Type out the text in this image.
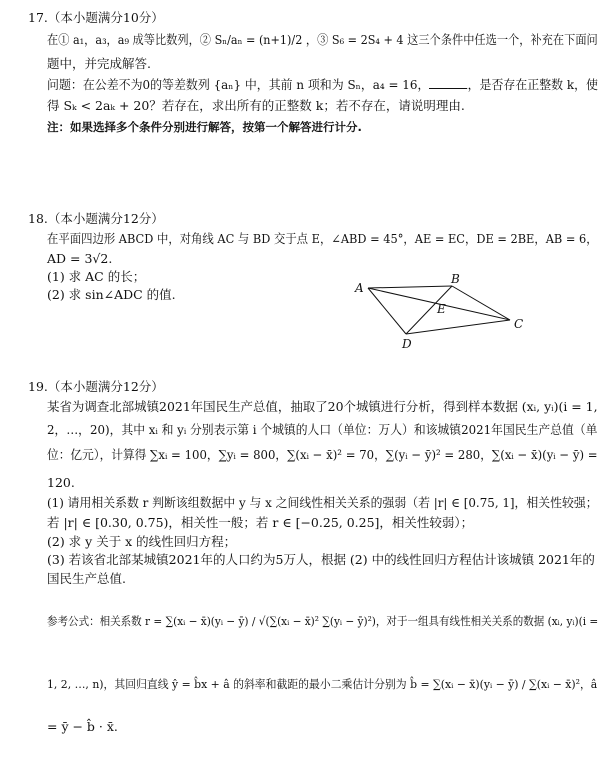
17.（本小题满分10分）
在① a₁，a₃，a₉ 成等比数列，② Sₙ/aₙ = (n+1)/2 ，③ S₆ = 2S₄ + 4 这三个条件中任选一个，补充在下面问
题中，并完成解答.
问题：在公差不为0的等差数列 {aₙ} 中，其前 n 项和为 Sₙ，a₄ = 16，	，是否存在正整数 k，使
得 Sₖ < 2aₖ + 20？若存在，求出所有的正整数 k；若不存在，请说明理由.
注：如果选择多个条件分别进行解答，按第一个解答进行计分.
18.（本小题满分12分）
在平面四边形 ABCD 中，对角线 AC 与 BD 交于点 E，∠ABD = 45°，AE = EC，DE = 2BE，AB = 6，
AD = 3√2.
(1) 求 AC 的长；
(2) 求 sin∠ADC 的值.	A
B
E
C
D
19.（本小题满分12分）
某省为调查北部城镇2021年国民生产总值，抽取了20个城镇进行分析，得到样本数据 (xᵢ, yᵢ)(i = 1,
2，…，20)，其中 xᵢ 和 yᵢ 分别表示第 i 个城镇的人口（单位：万人）和该城镇2021年国民生产总值（单
位：亿元），计算得 ∑xᵢ = 100，∑yᵢ = 800，∑(xᵢ − x̄)² = 70，∑(yᵢ − ȳ)² = 280，∑(xᵢ − x̄)(yᵢ − ȳ) =
120.
(1) 请用相关系数 r 判断该组数据中 y 与 x 之间线性相关关系的强弱（若 |r| ∈ [0.75, 1]，相关性较强；
若 |r| ∈ [0.30, 0.75)，相关性一般；若 r ∈ [−0.25, 0.25]，相关性较弱）；
(2) 求 y 关于 x 的线性回归方程；
(3) 若该省北部某城镇2021年的人口约为5万人，根据 (2) 中的线性回归方程估计该城镇 2021年的
国民生产总值.
参考公式：相关系数 r = ∑(xᵢ − x̄)(yᵢ − ȳ) / √(∑(xᵢ − x̄)² ∑(yᵢ − ȳ)²)，对于一组具有线性相关关系的数据 (xᵢ, yᵢ)(i =
1, 2, …, n)，其回归直线 ŷ = b̂x + â 的斜率和截距的最小二乘估计分别为 b̂ = ∑(xᵢ − x̄)(yᵢ − ȳ) / ∑(xᵢ − x̄)²，â
= ȳ − b̂ · x̄.
